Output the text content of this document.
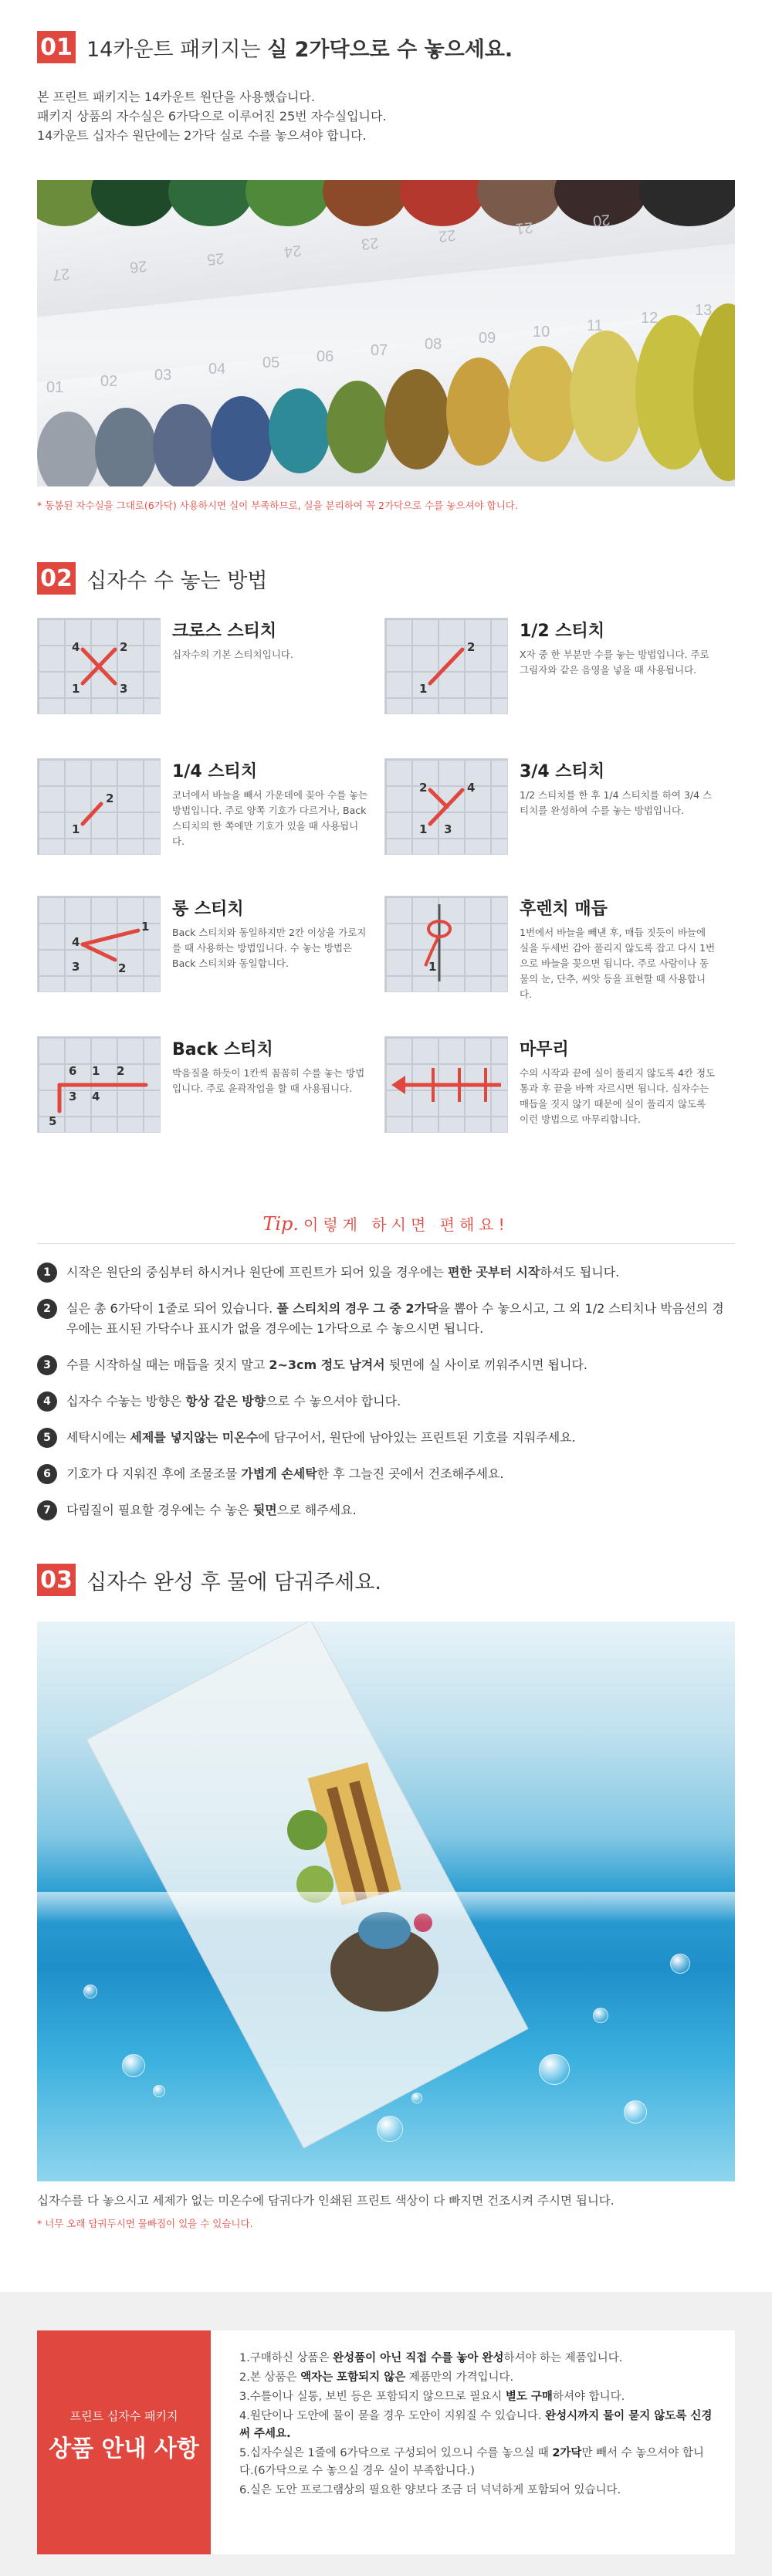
01 14카운트 패키지는 실 2가닥으로 수 놓으세요.
본 프린트 패키지는 14카운트 원단을 사용했습니다.
패키지 상품의 자수실은 6가닥으로 이루어진 25번 자수실입니다.
14카운트 십자수 원단에는 2가닥 실로 수를 놓으셔야 합니다.
27	26	25	24	23	22	21	20
01 02 03 04 05 06 07 08 09 10 11 12 13
* 동봉된 자수실을 그대로(6가닥) 사용하시면 실이 부족하므로, 실을 분리하여 꼭 2가닥으로 수를 놓으셔야 합니다.
02 십자수 수 놓는 방법
4	2
1	3
크로스 스티치
십자수의 기본 스티치입니다.
2
1
1/2 스티치
X자 중 한 부분만 수를 놓는 방법입니다. 주로 그림자와 같은 음영을 넣을 때 사용됩니다.
2
1
1/4 스티치
코너에서 바늘을 빼서 가운데에 꽂아 수를 놓는 방법입니다. 주로 양쪽 기호가 다르거나, Back 스티치의 한 쪽에만 기호가 있을 때 사용됩니다.
2	4
3
1
3/4 스티치
1/2 스티치를 한 후 1/4 스티치를 하여 3/4 스티치를 완성하여 수를 놓는 방법입니다.
4
1
3	2
롱 스티치
Back 스티치와 동일하지만 2칸 이상을 가로지를 때 사용하는 방법입니다. 수 놓는 방법은 Back 스티치와 동일합니다.	1
후렌치 매듭
1번에서 바늘을 빼낸 후, 매듭 짓듯이 바늘에 실을 두세번 감아 풀리지 않도록 잡고 다시 1번으로 바늘을 꽂으면 됩니다. 주로 사람이나 동물의 눈, 단추, 씨앗 등을 표현할 때 사용합니다.
6 1 2
3 4
5
Back 스티치
박음질을 하듯이 1칸씩 꼼꼼히 수를 놓는 방법입니다. 주로 윤곽작업을 할 때 사용됩니다.
마무리
수의 시작과 끝에 실이 풀리지 않도록 4칸 정도 통과 후 끝을 바짝 자르시면 됩니다. 십자수는 매듭을 짓지 않기 때문에 실이 풀리지 않도록 이런 방법으로 마무리합니다.
Tip. 이렇게 하시면 편해요!
1	시작은 원단의 중심부터 하시거나 원단에 프린트가 되어 있을 경우에는 편한 곳부터 시작하셔도 됩니다.
2	실은 총 6가닥이 1줄로 되어 있습니다. 풀 스티치의 경우 그 중 2가닥을 뽑아 수 놓으시고, 그 외 1/2 스티치나 박음선의 경우에는 표시된 가닥수나 표시가 없을 경우에는 1가닥으로 수 놓으시면 됩니다.
3	수를 시작하실 때는 매듭을 짓지 말고 2~3cm 정도 남겨서 뒷면에 실 사이로 끼워주시면 됩니다.
4	십자수 수놓는 방향은 항상 같은 방향으로 수 놓으셔야 합니다.
5	세탁시에는 세제를 넣지않는 미온수에 담구어서, 원단에 남아있는 프린트된 기호를 지워주세요.
6	기호가 다 지워진 후에 조물조물 가볍게 손세탁한 후 그늘진 곳에서 건조해주세요.
7	다림질이 필요할 경우에는 수 놓은 뒷면으로 해주세요.
03 십자수 완성 후 물에 담궈주세요.
십자수를 다 놓으시고 세제가 없는 미온수에 담궈다가 인쇄된 프린트 색상이 다 빠지면 건조시켜 주시면 됩니다.
* 너무 오래 담궈두시면 물빠짐이 있을 수 있습니다.
프린트 십자수 패키지
상품 안내 사항

1.구매하신 상품은 완성품이 아닌 직접 수를 놓아 완성하셔야 하는 제품입니다.

2.본 상품은 액자는 포함되지 않은 제품만의 가격입니다.

3.수틀이나 실통, 보빈 등은 포함되지 않으므로 필요시 별도 구매하셔야 합니다.

4.원단이나 도안에 물이 묻을 경우 도안이 지워질 수 있습니다. 완성시까지 물이 묻지 않도록 신경써 주세요.

5.십자수실은 1줄에 6가닥으로 구성되어 있으니 수를 놓으실 때 2가닥만 빼서 수 놓으셔야 합니다.(6가닥으로 수 놓으실 경우 실이 부족합니다.)

6.실은 도안 프로그램상의 필요한 양보다 조금 더 넉넉하게 포함되어 있습니다.
